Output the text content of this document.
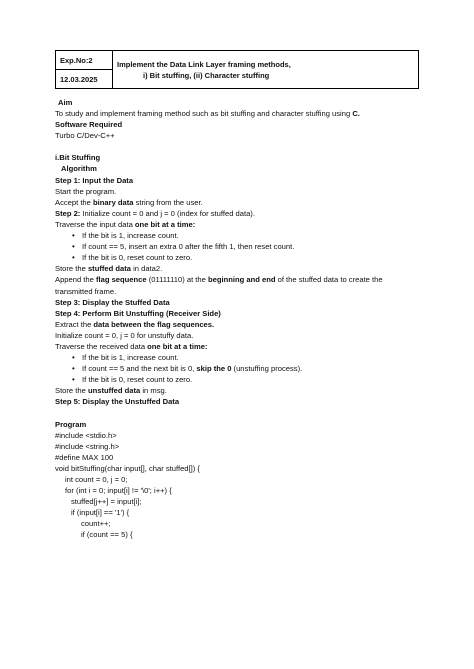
Exp.No:2	Implement the Data Link Layer framing methods,
i) Bit stuffing, (ii) Character stuffing

12.03.2025
Aim
To study and implement framing method such as bit stuffing and character stuffing using C.
Software Required
Turbo C/Dev-C++
i.Bit Stuffing
Algorithm
Step 1: Input the Data
Start the program.
Accept the binary data string from the user.
Step 2: Initialize count = 0 and j = 0 (index for stuffed data).
Traverse the input data one bit at a time:
• If the bit is 1, increase count.
• If count == 5, insert an extra 0 after the fifth 1, then reset count.
• If the bit is 0, reset count to zero.
Store the stuffed data in data2.
Append the flag sequence (01111110) at the beginning and end of the stuffed data to create the transmitted frame.
Step 3: Display the Stuffed Data
Step 4: Perform Bit Unstuffing (Receiver Side)
Extract the data between the flag sequences.
Initialize count = 0, j = 0 for unstuffy data.
Traverse the received data one bit at a time:
• If the bit is 1, increase count.
• If count == 5 and the next bit is 0, skip the 0 (unstuffing process).
• If the bit is 0, reset count to zero.
Store the unstuffed data in msg.
Step 5: Display the Unstuffed Data
Program
#include <stdio.h>
#include <string.h>
#define MAX 100
void bitStuffing(char input[], char stuffed[]) {
int count = 0, j = 0;
for (int i = 0; input[i] != '\0'; i++) {
stuffed[j++] = input[i];
if (input[i] == '1') {
count++;
if (count == 5) {
